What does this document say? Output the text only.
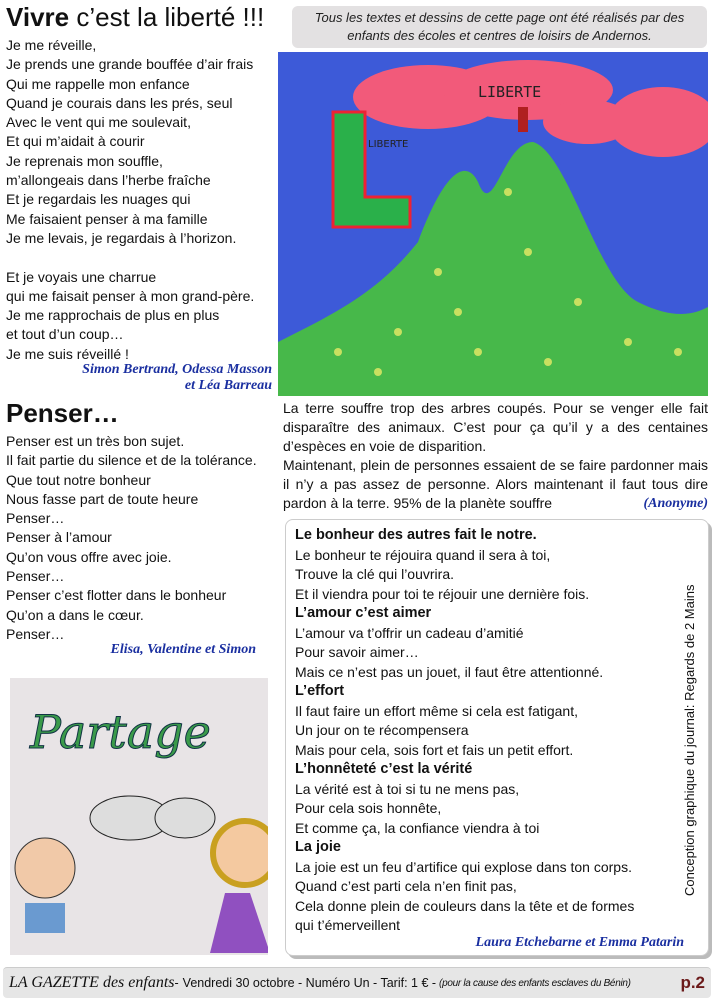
Vivre c’est la liberté !!!
Je me réveille,
Je prends une grande bouffée d’air frais
Qui me rappelle mon enfance
Quand je courais dans les prés, seul
Avec le vent qui me soulevait,
Et qui m’aidait à courir
Je reprenais mon souffle,
m’allongeais dans l’herbe fraîche
Et je regardais les nuages qui
Me faisaient penser à ma famille
Je me levais, je regardais à l’horizon.
Et je voyais une charrue
qui me faisait penser à mon grand-père.
Je me rapprochais de plus en plus
et tout d’un coup…
Je me suis réveillé !
Simon Bertrand, Odessa Masson
et Léa Barreau
Tous les textes et dessins de cette page ont été réalisés par des
enfants des écoles et centres de loisirs de Andernos.
LIBERTE
LIBERTE
Penser…
Penser est un très bon sujet.
Il fait partie du silence et de la tolérance.
Que tout notre bonheur
Nous fasse part de toute heure
Penser…
Penser à l’amour
Qu’on vous offre avec joie.
Penser…
Penser c’est flotter dans le bonheur
Qu’on a dans le cœur.
Penser…
Elisa, Valentine et Simon
Partage
La terre souffre trop des arbres coupés. Pour se venger elle fait disparaître des animaux. C’est pour ça qu’il y a des centaines d’espèces en voie de disparition.
Maintenant, plein de personnes essaient de se faire pardonner mais il n’y a pas assez de personne. Alors maintenant il faut tous dire pardon à la terre. 95% de la planète souffre	(Anonyme)
Le bonheur des autres fait le notre.
Le bonheur te réjouira quand il sera à toi,
Trouve la clé qui l’ouvrira.
Et il viendra pour toi te réjouir une dernière fois.
L’amour c’est aimer
L’amour va t’offrir un cadeau d’amitié
Pour savoir aimer…
Mais ce n’est pas un jouet, il faut être attentionné.
L’effort
Il faut faire un effort même si cela est fatigant,
Un jour on te récompensera
Mais pour cela, sois fort et fais un petit effort.
L’honnêteté c’est la vérité
La vérité est à toi si tu ne mens pas,
Pour cela sois honnête,
Et comme ça, la confiance viendra à toi
La joie
La joie est un feu d’artifice qui explose dans ton corps.
Quand c’est parti cela n’en finit pas,
Cela donne plein de couleurs dans la tête et de formes
qui t’émerveillent
Laura Etchebarne et Emma Patarin
Conception graphique du journal: Regards de 2 Mains
LA GAZETTE des enfants - Vendredi 30 octobre - Numéro Un - Tarif: 1 € - (pour la cause des enfants esclaves du Bénin)	p.2
